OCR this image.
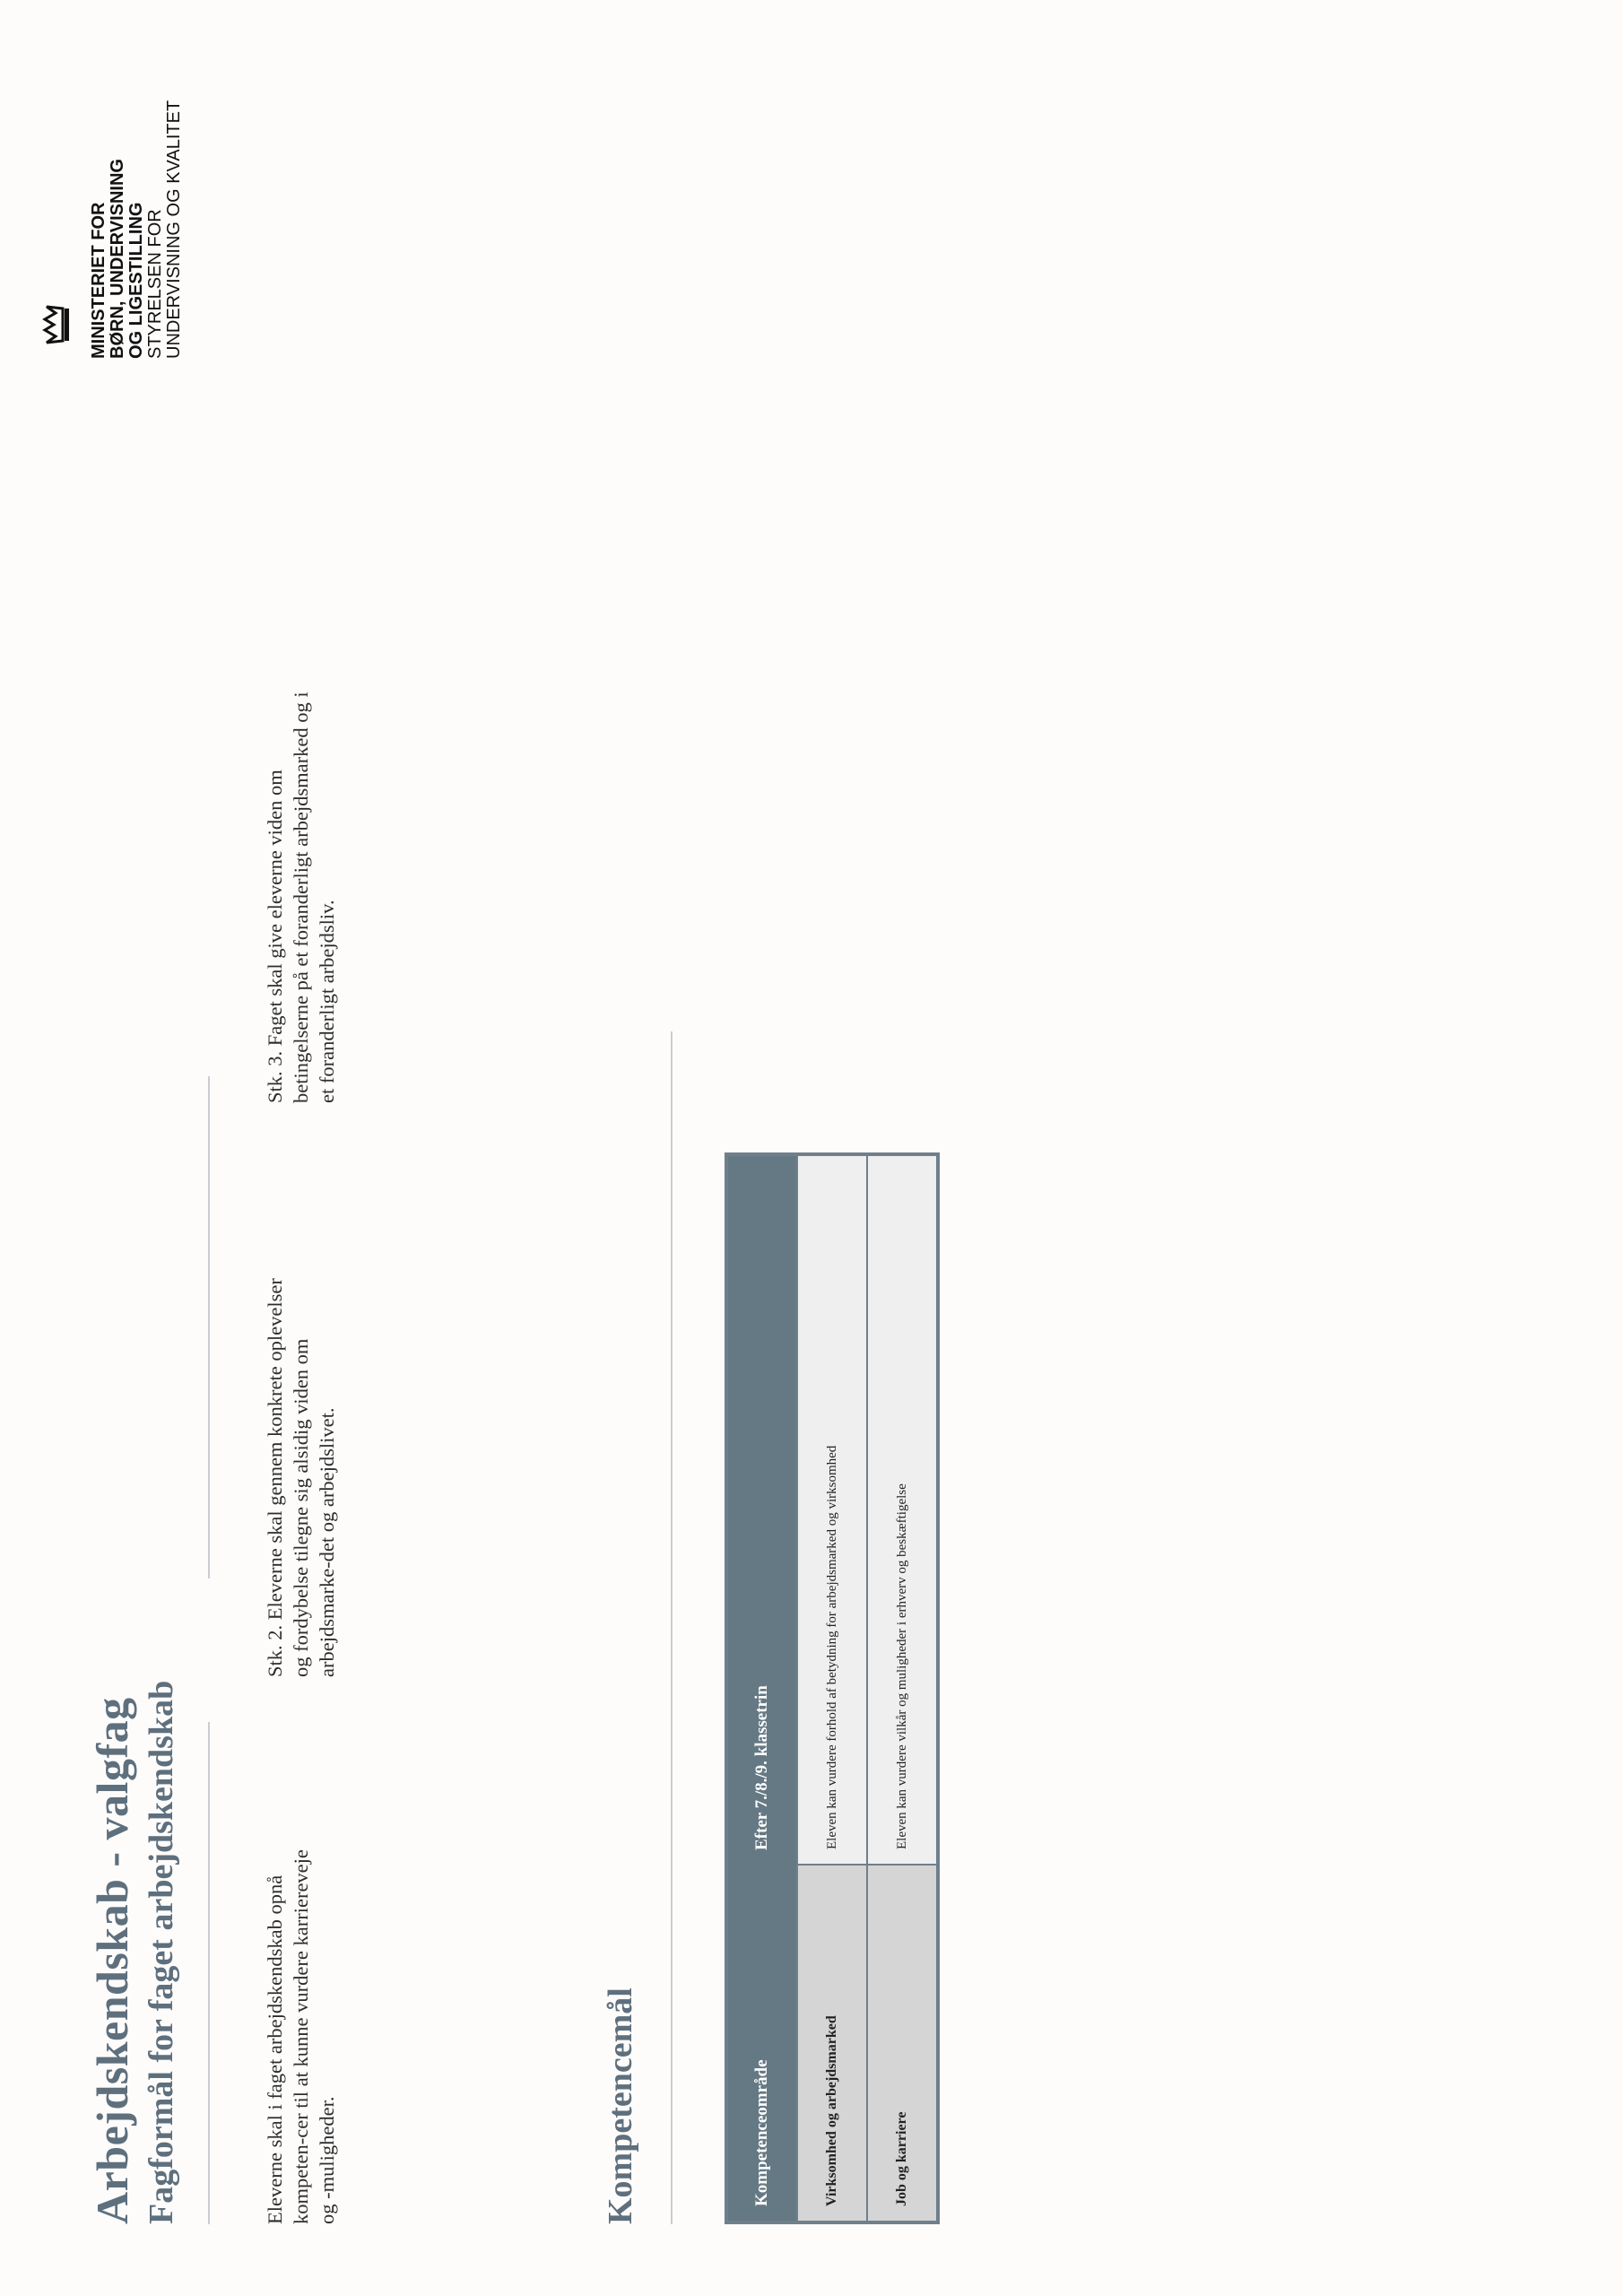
Arbejdskendskab - valgfag Fagformål for faget arbejdskendskab	Eleverne skal i faget arbejdskendskab opnå kompeten-cer til at kunne vurdere karriereveje og -muligheder.
Stk. 2. Eleverne skal gennem konkrete oplevelser og fordybelse tilegne sig alsidig viden om arbejdsmarke-det og arbejdslivet.
Stk. 3. Faget skal give eleverne viden om betingelserne på et foranderligt arbejdsmarked og i et foranderligt arbejdsliv.
Kompetencemål	Kompetenceområde	Efter 7./8./9. klassetrin
Virksomhed og arbejdsmarked	Eleven kan vurdere forhold af betydning for arbejdsmarked og virksomhed
Job og karriere	Eleven kan vurdere vilkår og muligheder i erhverv og beskæftigelse
MINISTERIET FOR BØRN, UNDERVISNING OG LIGESTILLING STYRELSEN FOR UNDERVISNING OG KVALITET
